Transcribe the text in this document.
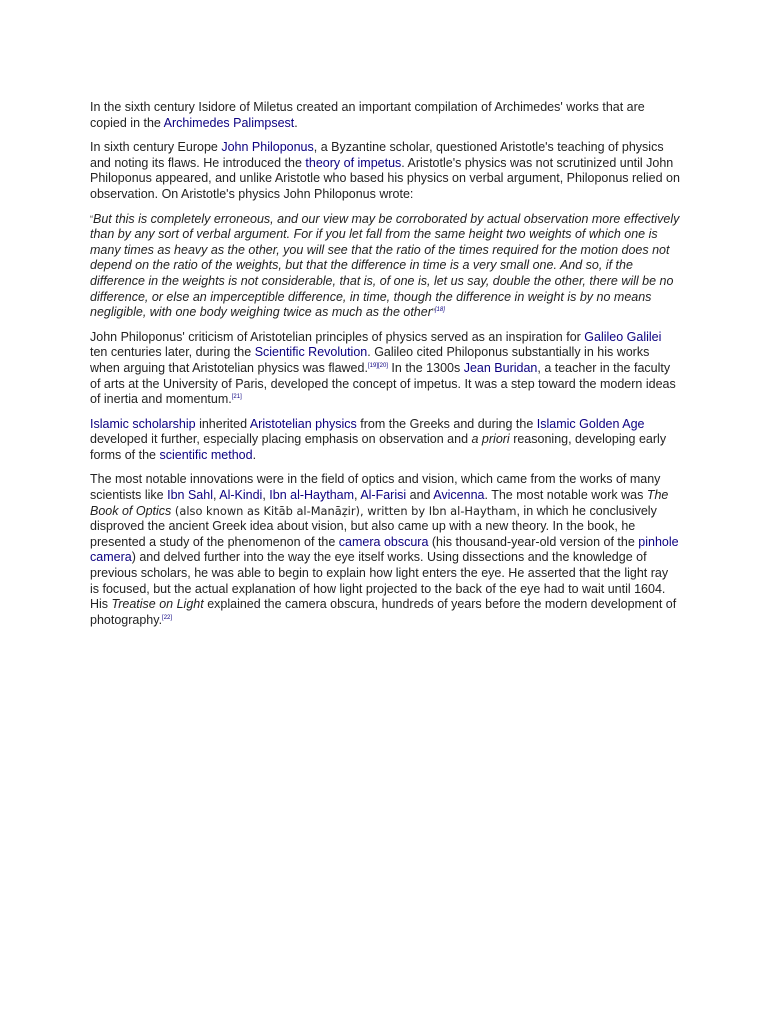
In the sixth century Isidore of Miletus created an important compilation of Archimedes' works that are copied in the Archimedes Palimpsest.

In sixth century Europe John Philoponus, a Byzantine scholar, questioned Aristotle's teaching of physics and noting its flaws. He introduced the theory of impetus. Aristotle's physics was not scrutinized until John Philoponus appeared, and unlike Aristotle who based his physics on verbal argument, Philoponus relied on observation. On Aristotle's physics John Philoponus wrote:

“But this is completely erroneous, and our view may be corroborated by actual observation more effectively than by any sort of verbal argument. For if you let fall from the same height two weights of which one is many times as heavy as the other, you will see that the ratio of the times required for the motion does not depend on the ratio of the weights, but that the difference in time is a very small one. And so, if the difference in the weights is not considerable, that is, of one is, let us say, double the other, there will be no difference, or else an imperceptible difference, in time, though the difference in weight is by no means negligible, with one body weighing twice as much as the other$^{”[18]}$

John Philoponus' criticism of Aristotelian principles of physics served as an inspiration for Galileo Galilei ten centuries later, during the Scientific Revolution. Galileo cited Philoponus substantially in his works when arguing that Aristotelian physics was flawed.[19][20] In the 1300s Jean Buridan, a teacher in the faculty of arts at the University of Paris, developed the concept of impetus. It was a step toward the modern ideas of inertia and momentum.[21]

Islamic scholarship inherited Aristotelian physics from the Greeks and during the Islamic Golden Age developed it further, especially placing emphasis on observation and a priori reasoning, developing early forms of the scientific method.

The most notable innovations were in the field of optics and vision, which came from the works of many scientists like Ibn Sahl, Al-Kindi, Ibn al-Haytham, Al-Farisi and Avicenna. The most notable work was The Book of Optics (also known as Kitāb al-Manāẓir), written by Ibn al-Haytham, in which he conclusively disproved the ancient Greek idea about vision, but also came up with a new theory. In the book, he presented a study of the phenomenon of the camera obscura (his thousand-year-old version of the pinhole camera) and delved further into the way the eye itself works. Using dissections and the knowledge of previous scholars, he was able to begin to explain how light enters the eye. He asserted that the light ray is focused, but the actual explanation of how light projected to the back of the eye had to wait until 1604. His Treatise on Light explained the camera obscura, hundreds of years before the modern development of photography.[22]
